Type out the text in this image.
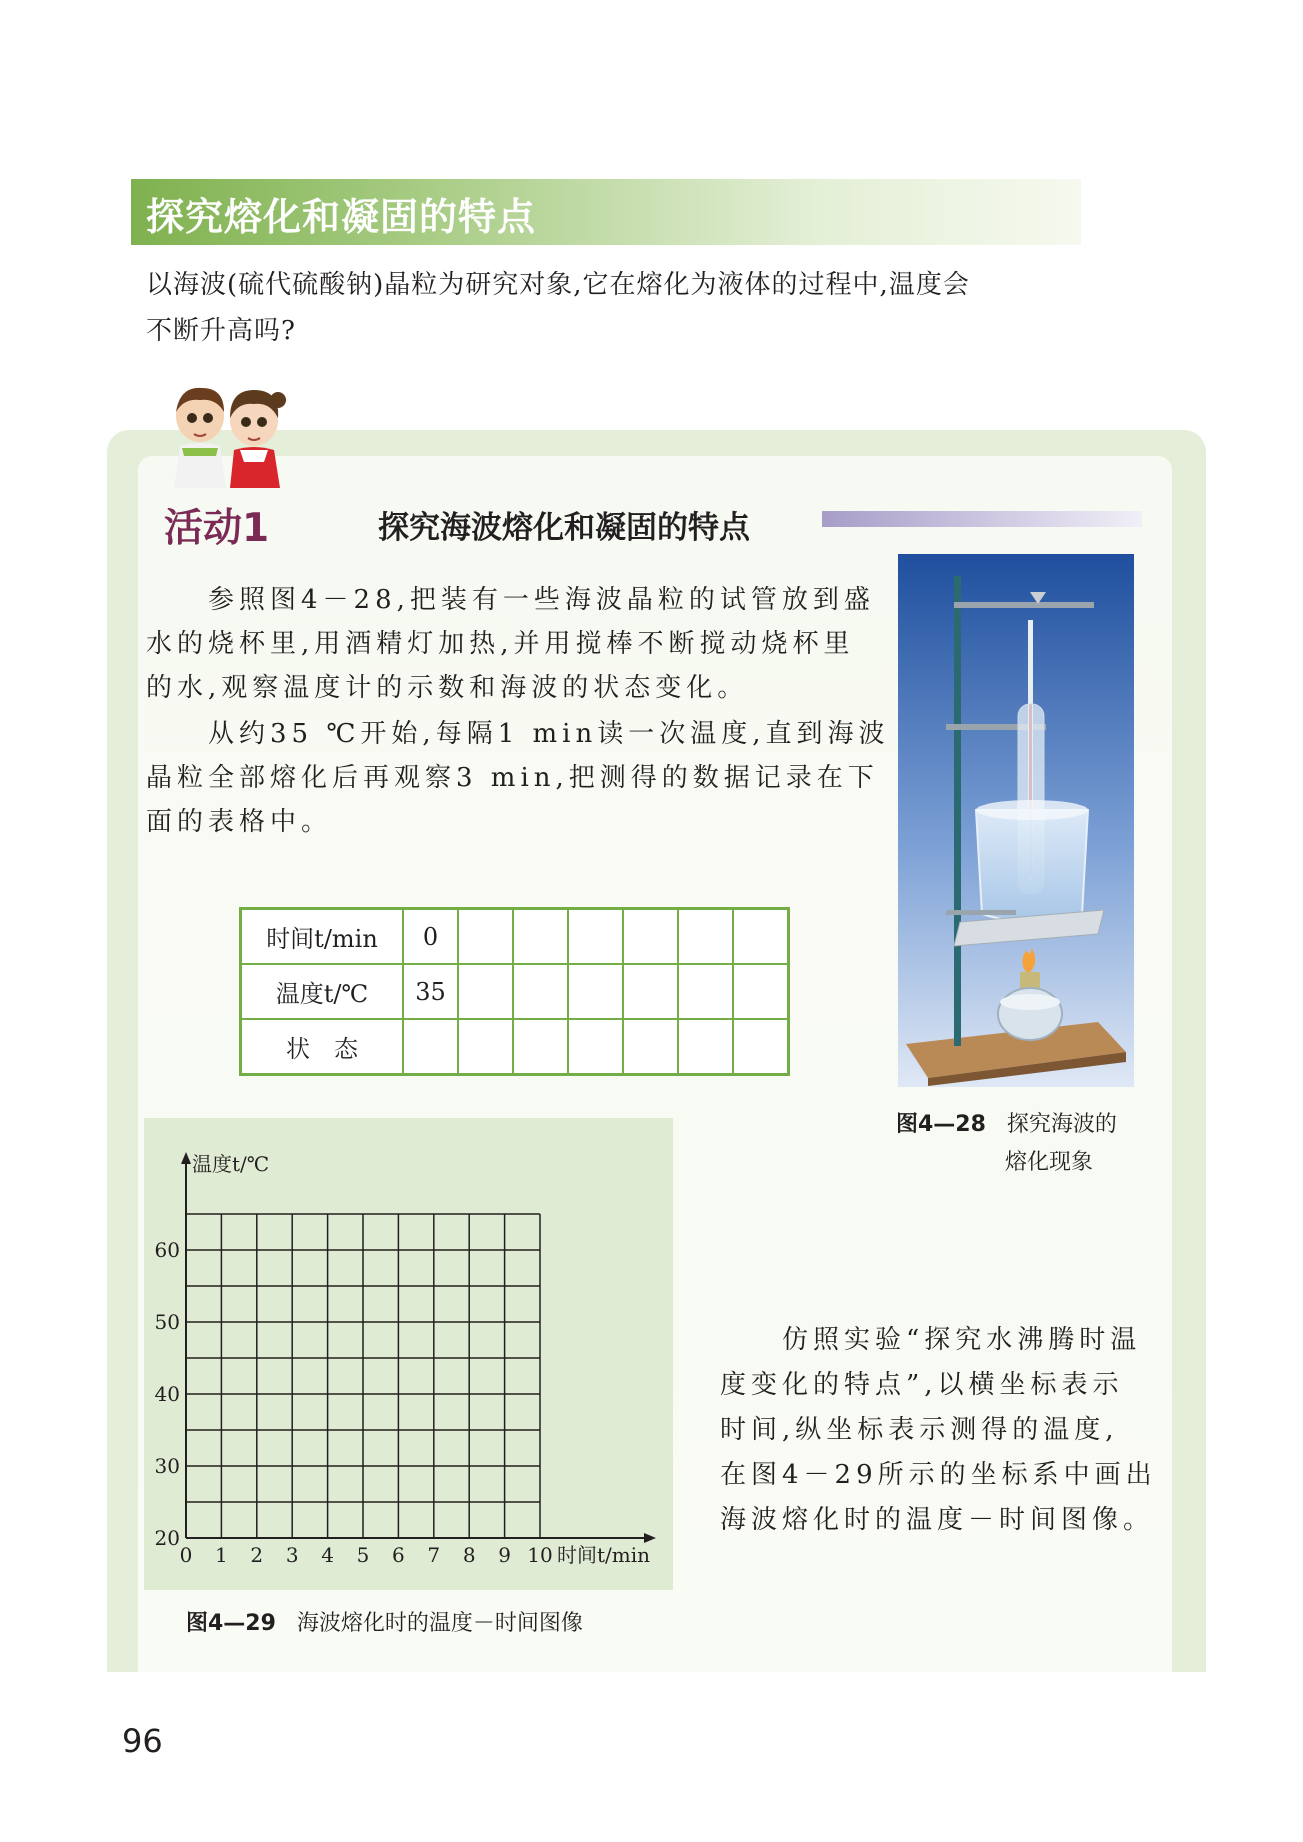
探究熔化和凝固的特点
以海波(硫代硫酸钠)晶粒为研究对象,它在熔化为液体的过程中,温度会
不断升高吗?
活动1	探究海波熔化和凝固的特点
参照图4－28,把装有一些海波晶粒的试管放到盛
水的烧杯里,用酒精灯加热,并用搅棒不断搅动烧杯里
的水,观察温度计的示数和海波的状态变化。
从约35 ℃开始,每隔1 min读一次温度,直到海波
晶粒全部熔化后再观察3 min,把测得的数据记录在下
面的表格中。
图4—28 探究海波的
熔化现象
时间t/min	0						
温度t/℃	35						
状　态							
0 1 2 3 4 5 6 7 8 9 10
20
30
40
50
60
温度t/℃
时间t/min
图4—29 海波熔化时的温度－时间图像
仿照实验“探究水沸腾时温
度变化的特点”,以横坐标表示
时间,纵坐标表示测得的温度,
在图4－29所示的坐标系中画出
海波熔化时的温度－时间图像。
96
